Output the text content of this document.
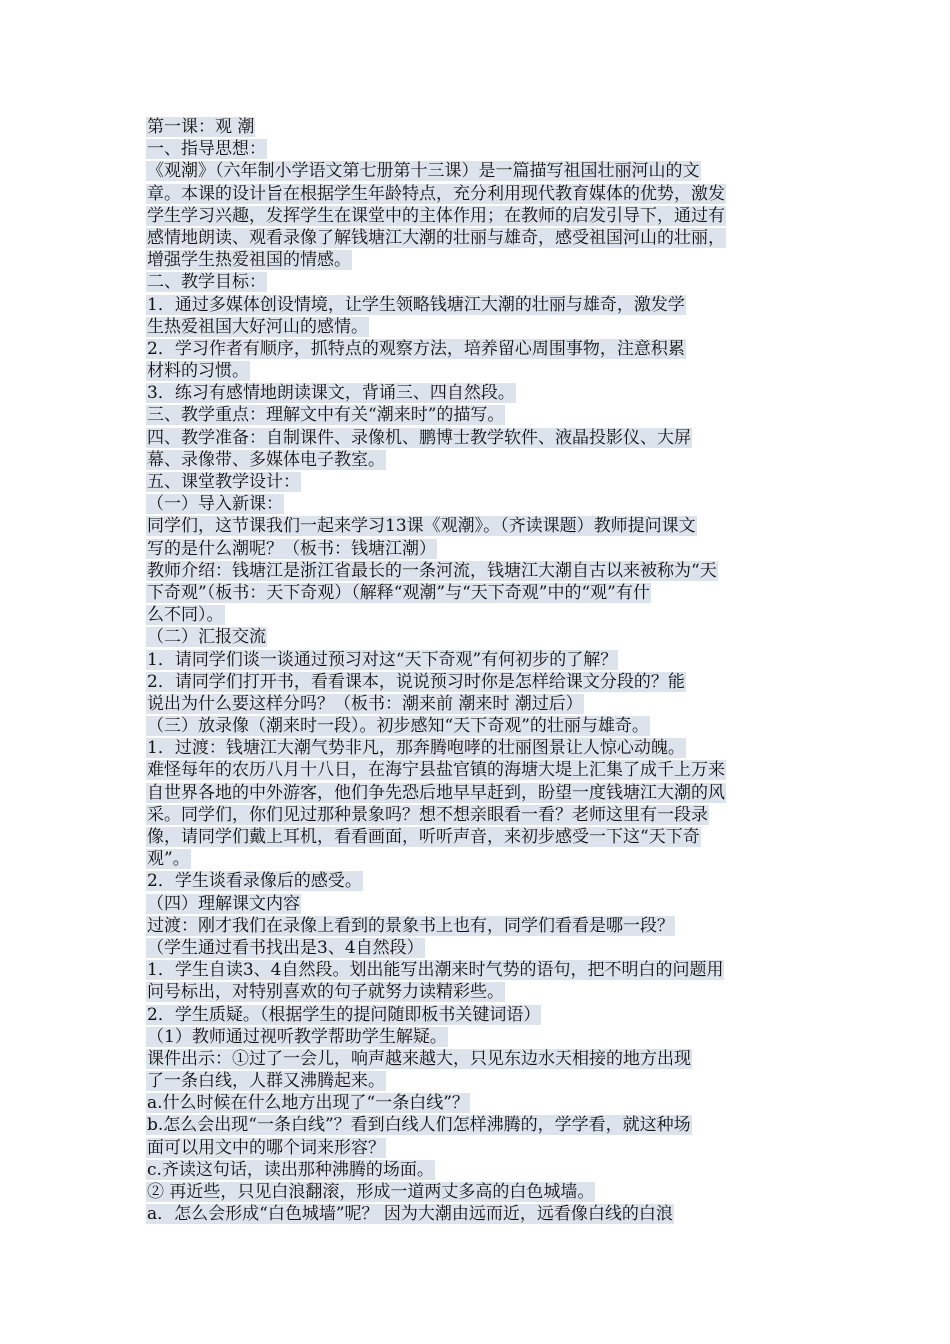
第一课：观 潮
一、指导思想：
《观潮》（六年制小学语文第七册第十三课）是一篇描写祖国壮丽河山的文
章。本课的设计旨在根据学生年龄特点，充分利用现代教育媒体的优势，激发
学生学习兴趣，发挥学生在课堂中的主体作用；在教师的启发引导下，通过有
感情地朗读、观看录像了解钱塘江大潮的壮丽与雄奇，感受祖国河山的壮丽，
增强学生热爱祖国的情感。
二、教学目标：
1．通过多媒体创设情境，让学生领略钱塘江大潮的壮丽与雄奇，激发学
生热爱祖国大好河山的感情。
2．学习作者有顺序，抓特点的观察方法，培养留心周围事物，注意积累
材料的习惯。
3．练习有感情地朗读课文，背诵三、四自然段。
三、教学重点：理解文中有关“潮来时”的描写。
四、教学准备：自制课件、录像机、鹏博士教学软件、液晶投影仪、大屏
幕、录像带、多媒体电子教室。
五、课堂教学设计：
（一）导入新课：
同学们，这节课我们一起来学习13课《观潮》。（齐读课题）教师提问课文
写的是什么潮呢？（板书：钱塘江潮）
教师介绍：钱塘江是浙江省最长的一条河流，钱塘江大潮自古以来被称为“天
下奇观”（板书：天下奇观）（解释“观潮”与“天下奇观”中的“观”有什
么不同）。
（二）汇报交流
1．请同学们谈一谈通过预习对这“天下奇观”有何初步的了解？
2．请同学们打开书，看看课本，说说预习时你是怎样给课文分段的？能
说出为什么要这样分吗？（板书：潮来前 潮来时 潮过后）
（三）放录像（潮来时一段）。初步感知“天下奇观”的壮丽与雄奇。
1．过渡：钱塘江大潮气势非凡，那奔腾咆哮的壮丽图景让人惊心动魄。
难怪每年的农历八月十八日，在海宁县盐官镇的海塘大堤上汇集了成千上万来
自世界各地的中外游客，他们争先恐后地早早赶到，盼望一度钱塘江大潮的风
采。同学们，你们见过那种景象吗？想不想亲眼看一看？老师这里有一段录
像，请同学们戴上耳机，看看画面，听听声音，来初步感受一下这“天下奇
观”。
2．学生谈看录像后的感受。
（四）理解课文内容
过渡：刚才我们在录像上看到的景象书上也有，同学们看看是哪一段？
（学生通过看书找出是3、4自然段）
1．学生自读3、4自然段。划出能写出潮来时气势的语句，把不明白的问题用
问号标出，对特别喜欢的句子就努力读精彩些。
2．学生质疑。（根据学生的提问随即板书关键词语）
（1）教师通过视听教学帮助学生解疑。
课件出示：①过了一会儿，响声越来越大，只见东边水天相接的地方出现
了一条白线，人群又沸腾起来。
a.什么时候在什么地方出现了“一条白线”？
b.怎么会出现“一条白线”？看到白线人们怎样沸腾的，学学看，就这种场
面可以用文中的哪个词来形容？
c.齐读这句话，读出那种沸腾的场面。
② 再近些，只见白浪翻滚，形成一道两丈多高的白色城墙。
a．怎么会形成“白色城墙”呢？ 因为大潮由远而近，远看像白线的白浪
